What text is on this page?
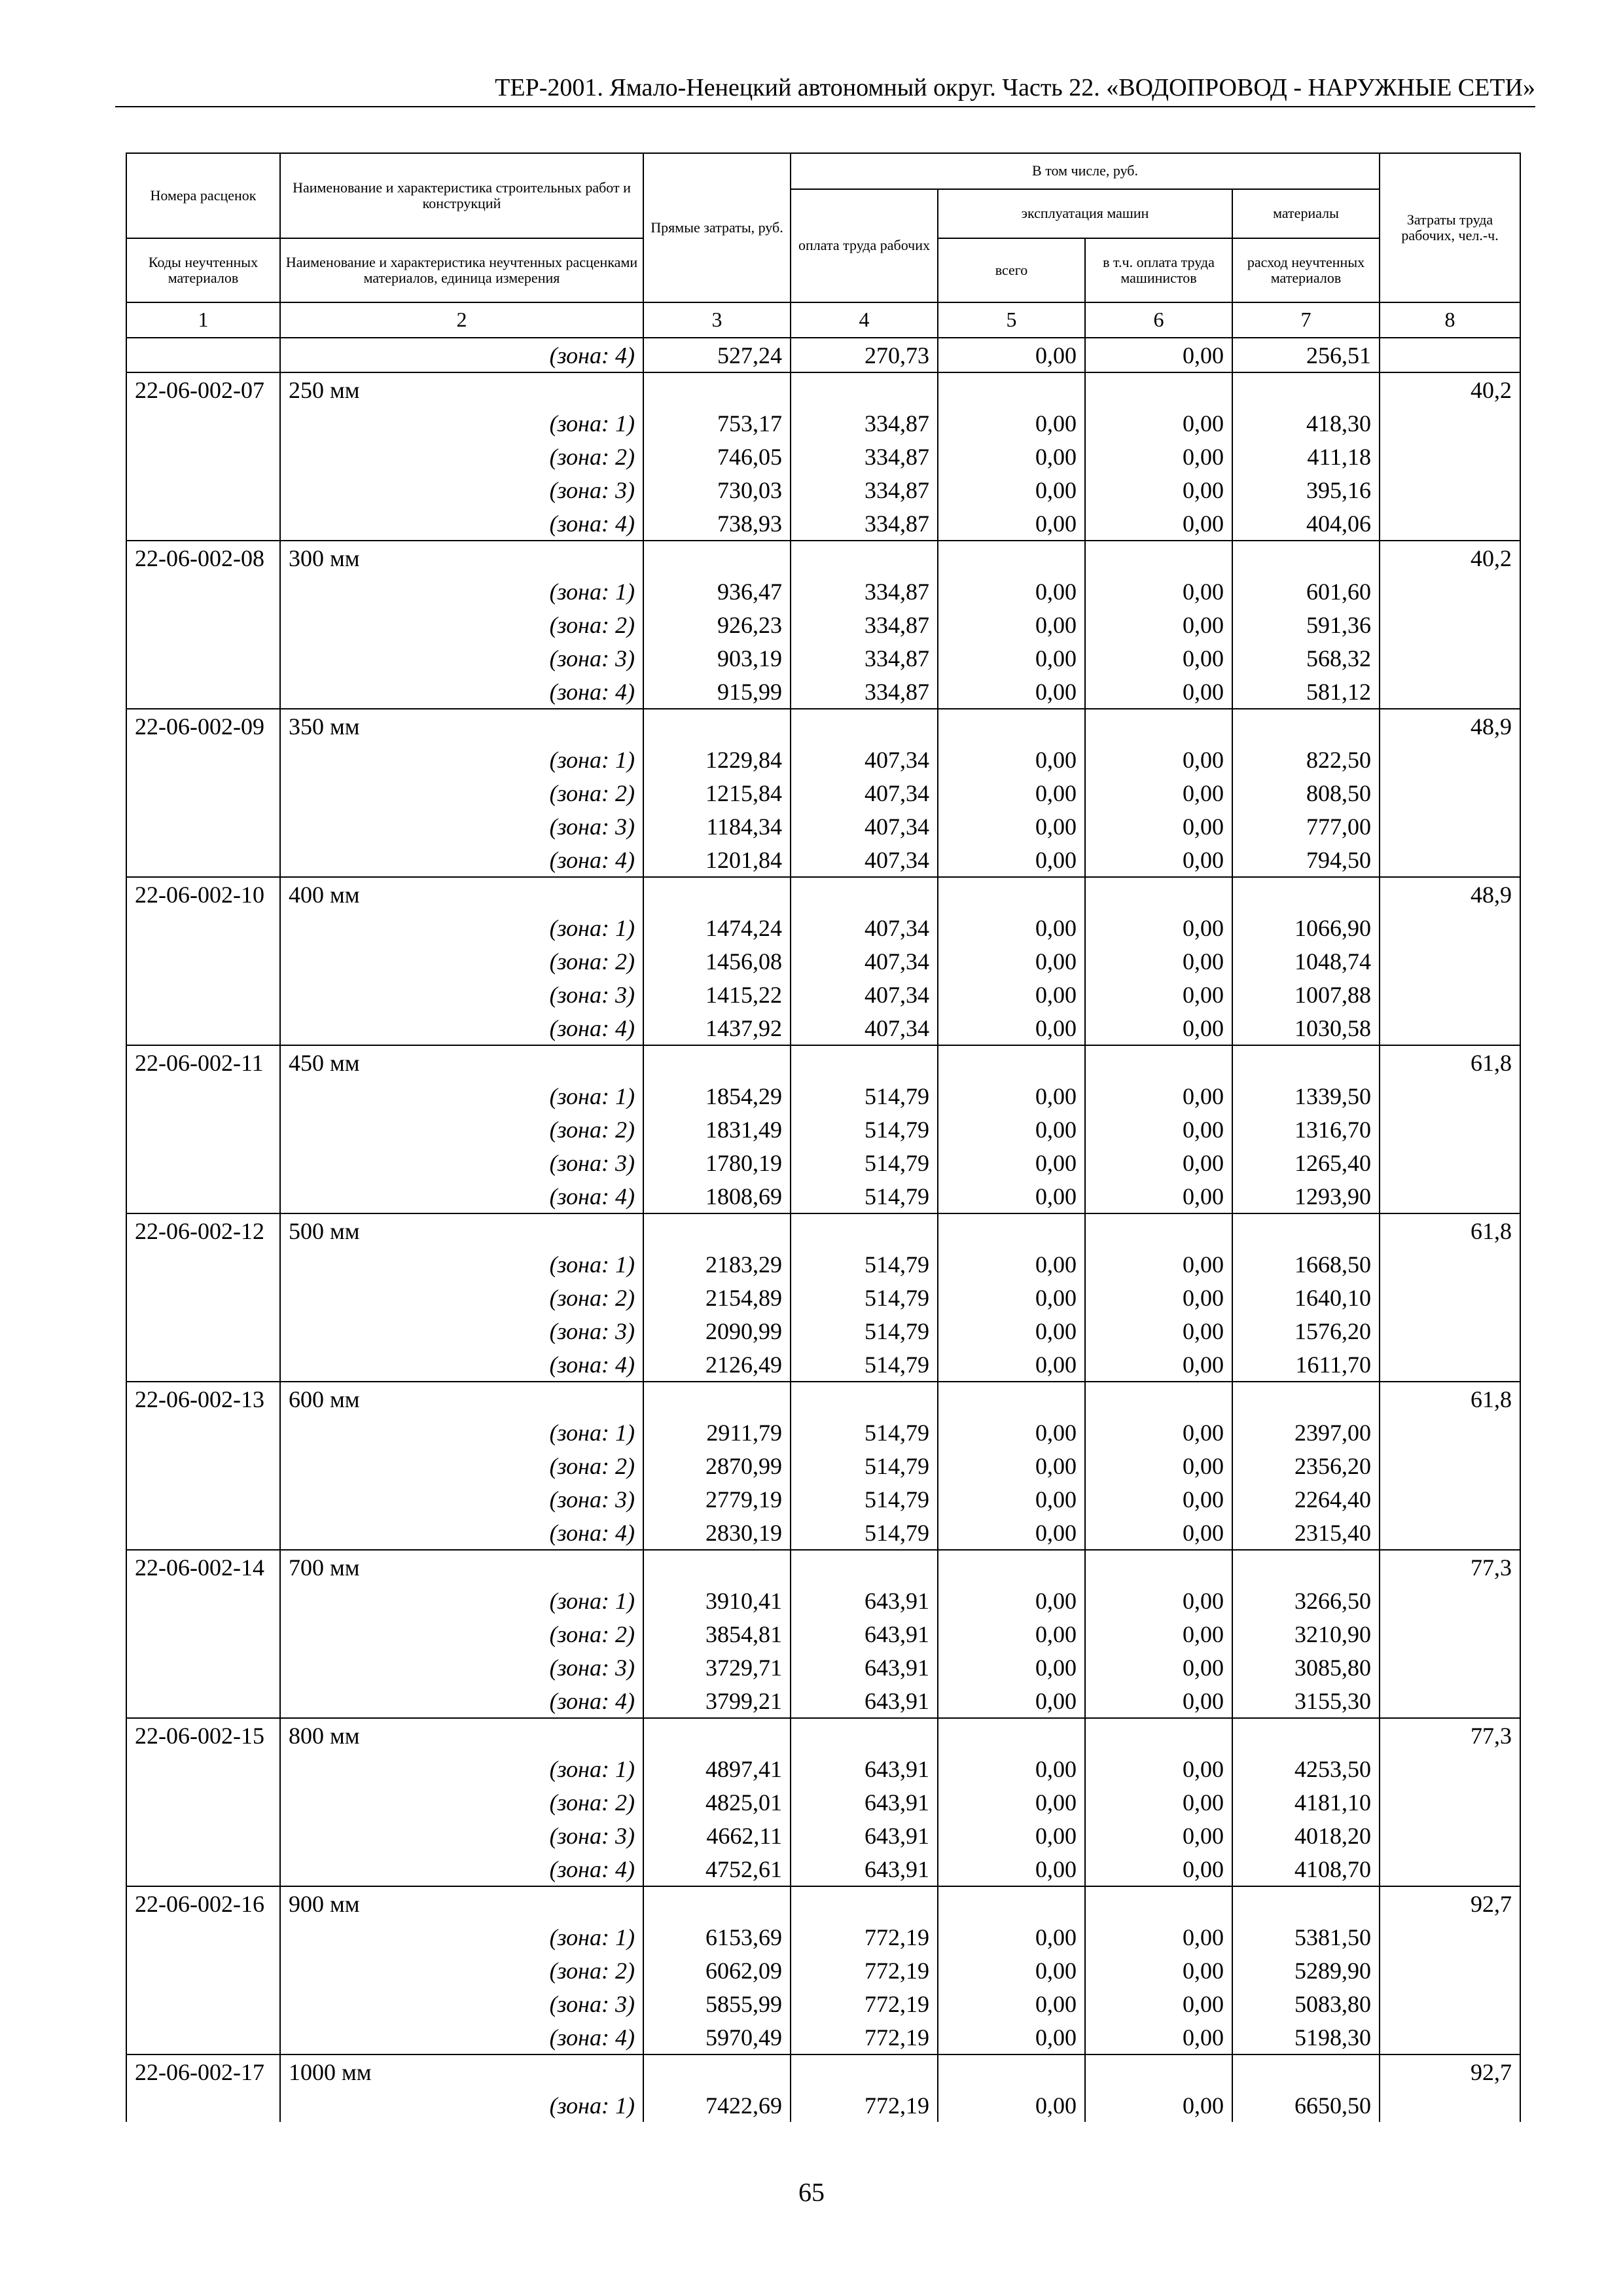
ТЕР-2001. Ямало-Ненецкий автономный округ. Часть 22. «ВОДОПРОВОД - НАРУЖНЫЕ СЕТИ»
Номера расценок	Наименование и характеристика строительных работ и конструкций	Прямые затраты, руб.	В том числе, руб.				Затраты труда рабочих, чел.-ч.
			оплата труда рабочих	эксплуатация машин		материалы	
Коды неучтенных материалов	Наименование и характеристика неучтенных расценками материалов, единица измерения			всего	в т.ч. оплата труда машинистов	расход неучтенных материалов	

1	2	3	4	5	6	7	8
	(зона: 4)	527,24	270,73	0,00	0,00	256,51	
22-06-002-07	250 мм						40,2
	(зона: 1)	753,17	334,87	0,00	0,00	418,30	
	(зона: 2)	746,05	334,87	0,00	0,00	411,18	
	(зона: 3)	730,03	334,87	0,00	0,00	395,16	
	(зона: 4)	738,93	334,87	0,00	0,00	404,06	
22-06-002-08	300 мм						40,2
	(зона: 1)	936,47	334,87	0,00	0,00	601,60	
	(зона: 2)	926,23	334,87	0,00	0,00	591,36	
	(зона: 3)	903,19	334,87	0,00	0,00	568,32	
	(зона: 4)	915,99	334,87	0,00	0,00	581,12	
22-06-002-09	350 мм						48,9
	(зона: 1)	1229,84	407,34	0,00	0,00	822,50	
	(зона: 2)	1215,84	407,34	0,00	0,00	808,50	
	(зона: 3)	1184,34	407,34	0,00	0,00	777,00	
	(зона: 4)	1201,84	407,34	0,00	0,00	794,50	
22-06-002-10	400 мм						48,9
	(зона: 1)	1474,24	407,34	0,00	0,00	1066,90	
	(зона: 2)	1456,08	407,34	0,00	0,00	1048,74	
	(зона: 3)	1415,22	407,34	0,00	0,00	1007,88	
	(зона: 4)	1437,92	407,34	0,00	0,00	1030,58	
22-06-002-11	450 мм						61,8
	(зона: 1)	1854,29	514,79	0,00	0,00	1339,50	
	(зона: 2)	1831,49	514,79	0,00	0,00	1316,70	
	(зона: 3)	1780,19	514,79	0,00	0,00	1265,40	
	(зона: 4)	1808,69	514,79	0,00	0,00	1293,90	
22-06-002-12	500 мм						61,8
	(зона: 1)	2183,29	514,79	0,00	0,00	1668,50	
	(зона: 2)	2154,89	514,79	0,00	0,00	1640,10	
	(зона: 3)	2090,99	514,79	0,00	0,00	1576,20	
	(зона: 4)	2126,49	514,79	0,00	0,00	1611,70	
22-06-002-13	600 мм						61,8
	(зона: 1)	2911,79	514,79	0,00	0,00	2397,00	
	(зона: 2)	2870,99	514,79	0,00	0,00	2356,20	
	(зона: 3)	2779,19	514,79	0,00	0,00	2264,40	
	(зона: 4)	2830,19	514,79	0,00	0,00	2315,40	
22-06-002-14	700 мм						77,3
	(зона: 1)	3910,41	643,91	0,00	0,00	3266,50	
	(зона: 2)	3854,81	643,91	0,00	0,00	3210,90	
	(зона: 3)	3729,71	643,91	0,00	0,00	3085,80	
	(зона: 4)	3799,21	643,91	0,00	0,00	3155,30	
22-06-002-15	800 мм						77,3
	(зона: 1)	4897,41	643,91	0,00	0,00	4253,50	
	(зона: 2)	4825,01	643,91	0,00	0,00	4181,10	
	(зона: 3)	4662,11	643,91	0,00	0,00	4018,20	
	(зона: 4)	4752,61	643,91	0,00	0,00	4108,70	
22-06-002-16	900 мм						92,7
	(зона: 1)	6153,69	772,19	0,00	0,00	5381,50	
	(зона: 2)	6062,09	772,19	0,00	0,00	5289,90	
	(зона: 3)	5855,99	772,19	0,00	0,00	5083,80	
	(зона: 4)	5970,49	772,19	0,00	0,00	5198,30	
22-06-002-17	1000 мм						92,7
	(зона: 1)	7422,69	772,19	0,00	0,00	6650,50	
65
